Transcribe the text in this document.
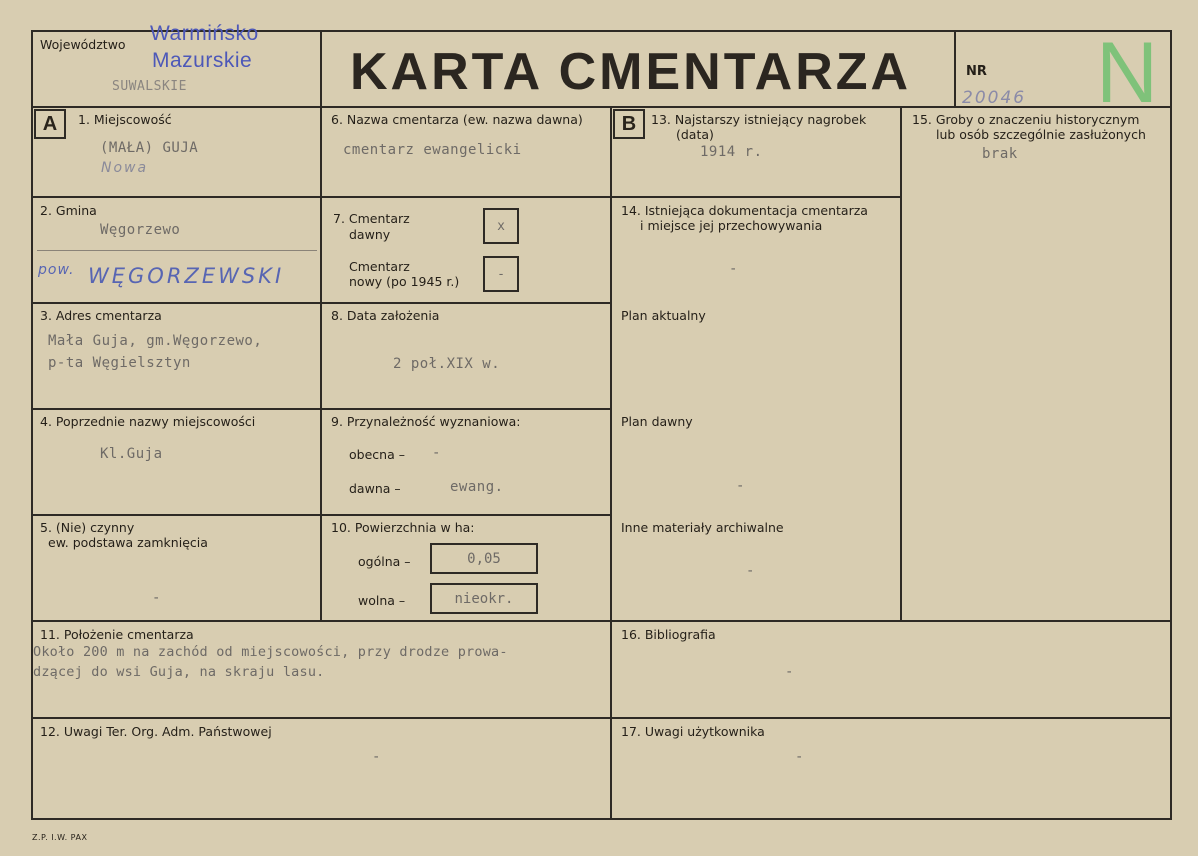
Województwo Warmińsko
Mazurskie
SUWALSKIE	KARTA CMENTARZA	NR
20046 N
A	B
1. Miejscowość
(MAŁA) GUJA
Nowa
2. Gmina
Węgorzewo
pow. WĘGORZEWSKI
3. Adres cmentarza
Mała Guja, gm.Węgorzewo,
p-ta Węgielsztyn
4. Poprzednie nazwy miejscowości
Kl.Guja
5. (Nie) czynny
ew. podstawa zamknięcia
-
6. Nazwa cmentarza (ew. nazwa dawna)
cmentarz ewangelicki
7. Cmentarz
dawny
x
Cmentarz
nowy (po 1945 r.)	-
8. Data założenia
2 poł.XIX w.
9. Przynależność wyznaniowa:
obecna – -
dawna –	ewang.
10. Powierzchnia w ha:
ogólna –	0,05
wolna –	nieokr.
13. Najstarszy istniejący nagrobek
(data)
1914 r.
14. Istniejąca dokumentacja cmentarza
i miejsce jej przechowywania
-
Plan aktualny
Plan dawny
-
Inne materiały archiwalne
-
15. Groby o znaczeniu historycznym
lub osób szczególnie zasłużonych
brak
11. Położenie cmentarza
Około 200 m na zachód od miejscowości, przy drodze prowa-
dzącej do wsi Guja, na skraju lasu.
16. Bibliografia
-
12. Uwagi Ter. Org. Adm. Państwowej
-
17. Uwagi użytkownika
-
Z.P. I.W. PAX
